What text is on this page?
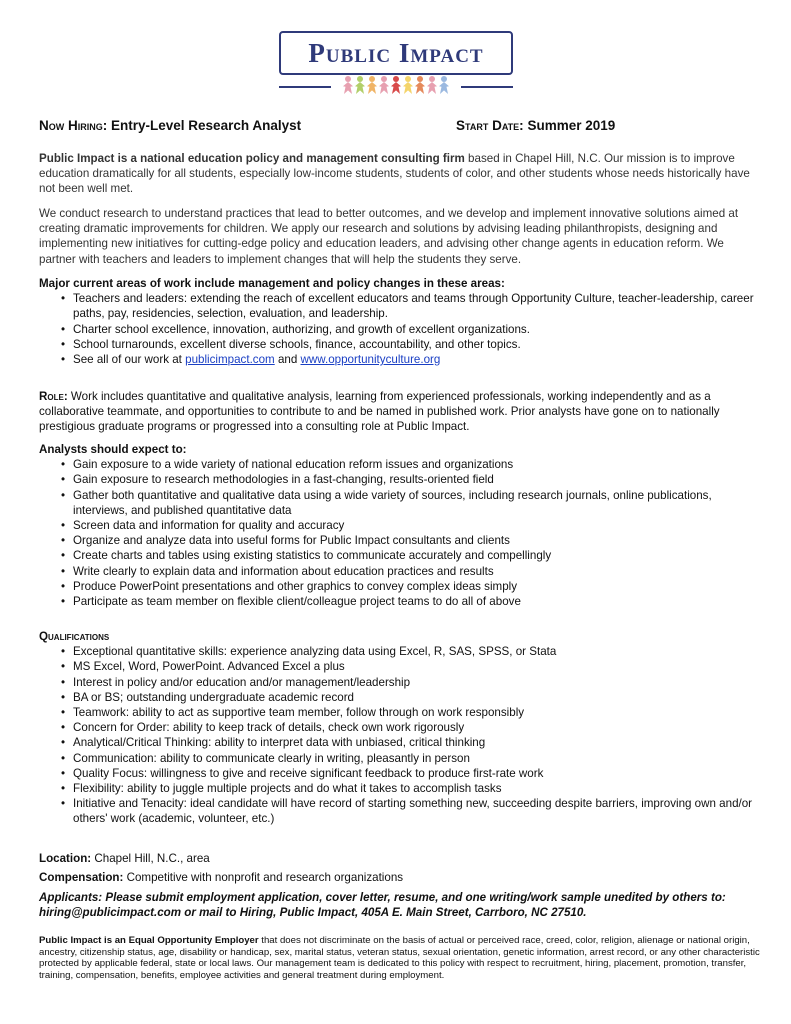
Public Impact
Now Hiring: Entry-Level Research Analyst	Start Date: Summer 2019

Public Impact is a national education policy and management consulting firm based in Chapel Hill, N.C. Our mission is to improve education dramatically for all students, especially low-income students, students of color, and other students whose needs historically have not been well met.

We conduct research to understand practices that lead to better outcomes, and we develop and implement innovative solutions aimed at creating dramatic improvements for children. We apply our research and solutions by advising leading philanthropists, designing and implementing new initiatives for cutting-edge policy and education leaders, and advising other change agents in education reform. We partner with teachers and leaders to implement changes that will help the students they serve.

Major current areas of work include management and policy changes in these areas:

• Teachers and leaders: extending the reach of excellent educators and teams through Opportunity Culture, teacher-leadership, career paths, pay, residencies, selection, evaluation, and leadership.
• Charter school excellence, innovation, authorizing, and growth of excellent organizations.
• School turnarounds, excellent diverse schools, finance, accountability, and other topics.
• See all of our work at publicimpact.com and www.opportunityculture.org

Role: Work includes quantitative and qualitative analysis, learning from experienced professionals, working independently and as a collaborative teammate, and opportunities to contribute to and be named in published work. Prior analysts have gone on to nationally prestigious graduate programs or progressed into a consulting role at Public Impact.

Analysts should expect to:

• Gain exposure to a wide variety of national education reform issues and organizations
• Gain exposure to research methodologies in a fast-changing, results-oriented field
• Gather both quantitative and qualitative data using a wide variety of sources, including research journals, online publications, interviews, and published quantitative data
• Screen data and information for quality and accuracy
• Organize and analyze data into useful forms for Public Impact consultants and clients
• Create charts and tables using existing statistics to communicate accurately and compellingly
• Write clearly to explain data and information about education practices and results
• Produce PowerPoint presentations and other graphics to convey complex ideas simply
• Participate as team member on flexible client/colleague project teams to do all of above

Qualifications

• Exceptional quantitative skills: experience analyzing data using Excel, R, SAS, SPSS, or Stata
• MS Excel, Word, PowerPoint. Advanced Excel a plus
• Interest in policy and/or education and/or management/leadership
• BA or BS; outstanding undergraduate academic record
• Teamwork: ability to act as supportive team member, follow through on work responsibly
• Concern for Order: ability to keep track of details, check own work rigorously
• Analytical/Critical Thinking: ability to interpret data with unbiased, critical thinking
• Communication: ability to communicate clearly in writing, pleasantly in person
• Quality Focus: willingness to give and receive significant feedback to produce first-rate work
• Flexibility: ability to juggle multiple projects and do what it takes to accomplish tasks
• Initiative and Tenacity: ideal candidate will have record of starting something new, succeeding despite barriers, improving own and/or others' work (academic, volunteer, etc.)

Location: Chapel Hill, N.C., area

Compensation: Competitive with nonprofit and research organizations

Applicants: Please submit employment application, cover letter, resume, and one writing/work sample unedited by others to:

hiring@publicimpact.com or mail to Hiring, Public Impact, 405A E. Main Street, Carrboro, NC 27510.

Public Impact is an Equal Opportunity Employer that does not discriminate on the basis of actual or perceived race, creed, color, religion, alienage or national origin, ancestry, citizenship status, age, disability or handicap, sex, marital status, veteran status, sexual orientation, genetic information, arrest record, or any other characteristic protected by applicable federal, state or local laws. Our management team is dedicated to this policy with respect to recruitment, hiring, placement, promotion, transfer, training, compensation, benefits, employee activities and general treatment during employment.
